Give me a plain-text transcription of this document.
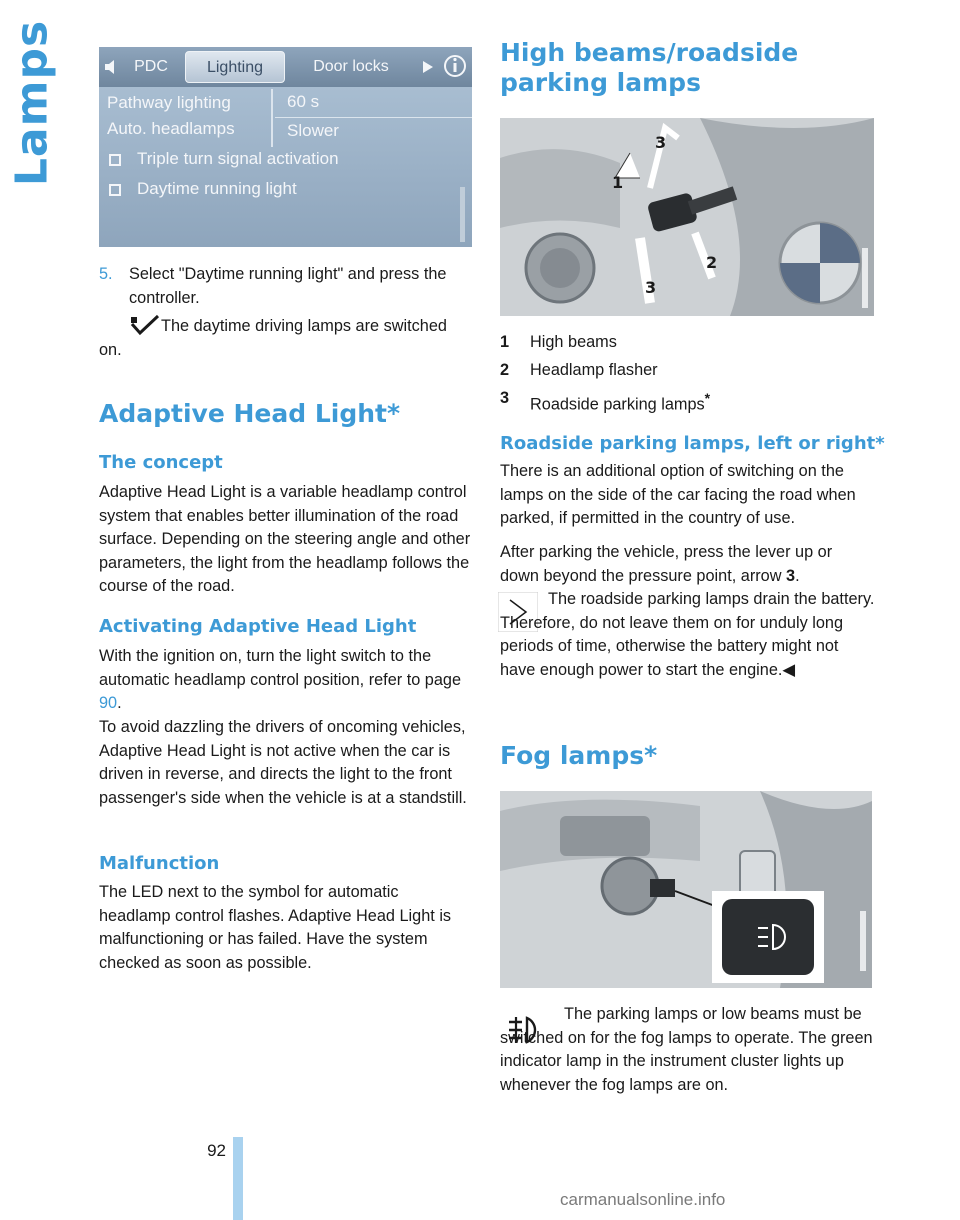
Lamps
92
carmanualsonline.info
PDC	Lighting	Door locks
Pathway lighting	60 s
Auto. headlamps	Slower
Triple turn signal activation
Daytime running light
5. Select "Daytime running light" and press the controller.
The daytime driving lamps are switched on.
Adaptive Head Light*
The concept
Adaptive Head Light is a variable headlamp control system that enables better illumination of the road surface. Depending on the steering angle and other parameters, the light from the headlamp follows the course of the road.
Activating Adaptive Head Light
With the ignition on, turn the light switch to the automatic headlamp control position, refer to page 90.
To avoid dazzling the drivers of oncoming vehicles, Adaptive Head Light is not active when the car is driven in reverse, and directs the light to the front passenger's side when the vehicle is at a standstill.
Malfunction
The LED next to the symbol for automatic headlamp control flashes. Adaptive Head Light is malfunctioning or has failed. Have the system checked as soon as possible.
High beams/roadside parking lamps
3
1
2
3
1 High beams
2 Headlamp flasher
3 Roadside parking lamps*
Roadside parking lamps, left or right*
There is an additional option of switching on the lamps on the side of the car facing the road when parked, if permitted in the country of use.
After parking the vehicle, press the lever up or down beyond the pressure point, arrow 3.
The roadside parking lamps drain the battery. Therefore, do not leave them on for unduly long periods of time, otherwise the battery might not have enough power to start the engine.◀
Fog lamps*
The parking lamps or low beams must be switched on for the fog lamps to operate. The green indicator lamp in the instrument cluster lights up whenever the fog lamps are on.
